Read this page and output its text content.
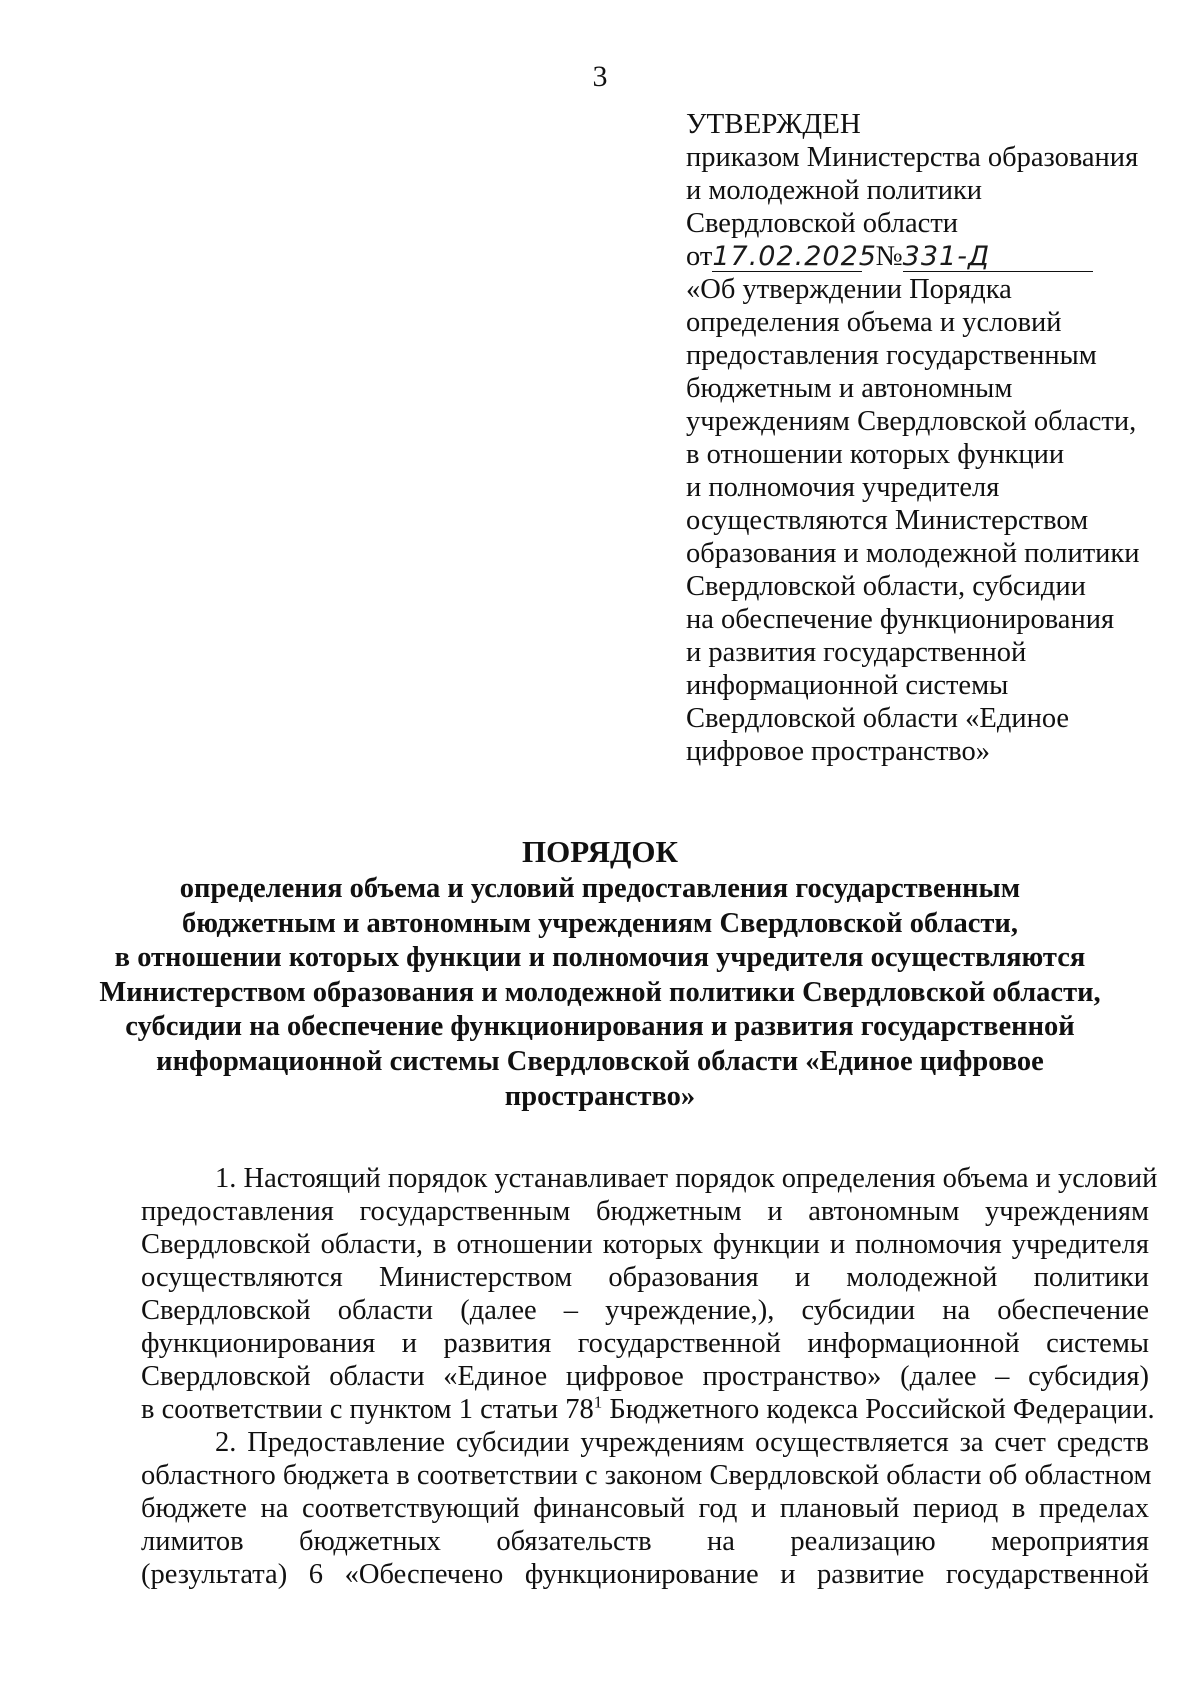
3
УТВЕРЖДЕН
приказом Министерства образования
и молодежной политики
Свердловской области
от17.02.2025 №331-Д
«Об утверждении Порядка
определения объема и условий
предоставления государственным
бюджетным и автономным
учреждениям Свердловской области,
в отношении которых функции
и полномочия учредителя
осуществляются Министерством
образования и молодежной политики
Свердловской области, субсидии
на обеспечение функционирования
и развития государственной
информационной системы
Свердловской области «Единое
цифровое пространство»
ПОРЯДОК
определения объема и условий предоставления государственным
бюджетным и автономным учреждениям Свердловской области,
в отношении которых функции и полномочия учредителя осуществляются
Министерством образования и молодежной политики Свердловской области,
субсидии на обеспечение функционирования и развития государственной
информационной системы Свердловской области «Единое цифровое
пространство»
1. Настоящий порядок устанавливает порядок определения объема и условий
предоставления государственным бюджетным и автономным учреждениям
Свердловской области, в отношении которых функции и полномочия учредителя
осуществляются Министерством образования и молодежной политики
Свердловской области (далее – учреждение,), субсидии на обеспечение
функционирования и развития государственной информационной системы
Свердловской области «Единое цифровое пространство» (далее – субсидия)
в соответствии с пунктом 1 статьи $78^1$ Бюджетного кодекса Российской Федерации.
2. Предоставление субсидии учреждениям осуществляется за счет средств
областного бюджета в соответствии с законом Свердловской области об областном
бюджете на соответствующий финансовый год и плановый период в пределах
лимитов бюджетных обязательств на реализацию мероприятия
(результата) 6 «Обеспечено функционирование и развитие государственной
